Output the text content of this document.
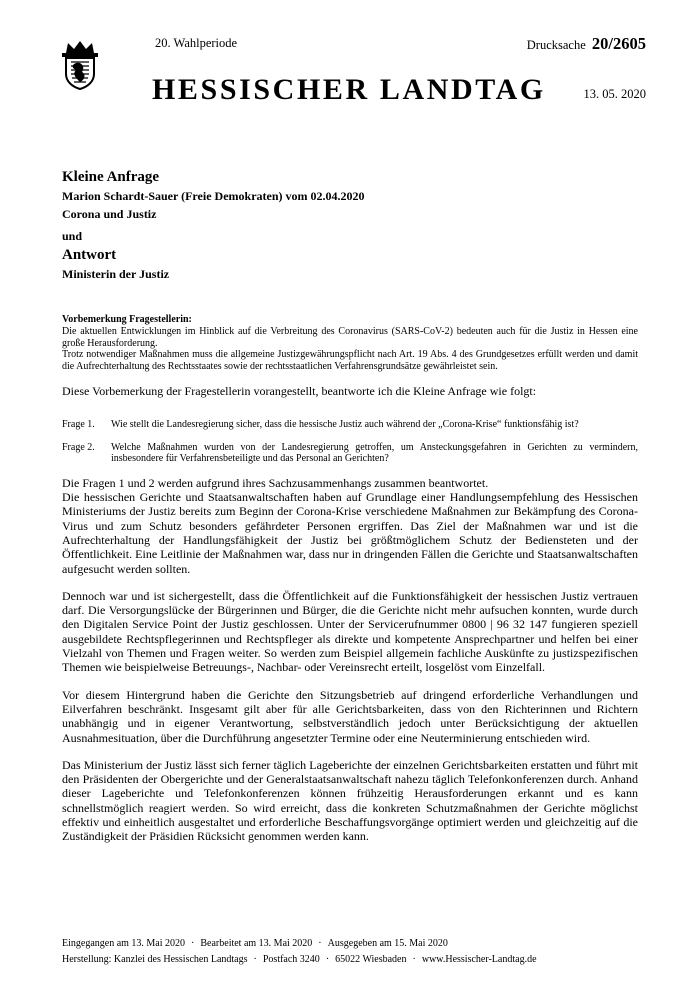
20. Wahlperiode	Drucksache 20/2605
HESSISCHER LANDTAG	13. 05. 2020
Kleine Anfrage
Marion Schardt-Sauer (Freie Demokraten) vom 02.04.2020
Corona und Justiz
und
Antwort
Ministerin der Justiz
Vorbemerkung Fragestellerin:

Die aktuellen Entwicklungen im Hinblick auf die Verbreitung des Coronavirus (SARS-CoV-2) bedeuten auch für die Justiz in Hessen eine große Herausforderung.

Trotz notwendiger Maßnahmen muss die allgemeine Justizgewährungspflicht nach Art. 19 Abs. 4 des Grundgesetzes erfüllt werden und damit die Aufrechterhaltung des Rechtsstaates sowie der rechtsstaatlichen Verfahrensgrundsätze gewährleistet sein.

Diese Vorbemerkung der Fragestellerin vorangestellt, beantworte ich die Kleine Anfrage wie folgt:

Frage 1.	Wie stellt die Landesregierung sicher, dass die hessische Justiz auch während der „Corona-Krise“ funktionsfähig ist?
Frage 2.	Welche Maßnahmen wurden von der Landesregierung getroffen, um Ansteckungsgefahren in Gerichten zu vermindern, insbesondere für Verfahrensbeteiligte und das Personal an Gerichten?

Die Fragen 1 und 2 werden aufgrund ihres Sachzusammenhangs zusammen beantwortet.

Die hessischen Gerichte und Staatsanwaltschaften haben auf Grundlage einer Handlungsempfehlung des Hessischen Ministeriums der Justiz bereits zum Beginn der Corona-Krise verschiedene Maßnahmen zur Bekämpfung des Corona-Virus und zum Schutz besonders gefährdeter Personen ergriffen. Das Ziel der Maßnahmen war und ist die Aufrechterhaltung der Handlungsfähigkeit der Justiz bei größtmöglichem Schutz der Bediensteten und der Öffentlichkeit. Eine Leitlinie der Maßnahmen war, dass nur in dringenden Fällen die Gerichte und Staatsanwaltschaften aufgesucht werden sollten.

Dennoch war und ist sichergestellt, dass die Öffentlichkeit auf die Funktionsfähigkeit der hessischen Justiz vertrauen darf. Die Versorgungslücke der Bürgerinnen und Bürger, die die Gerichte nicht mehr aufsuchen konnten, wurde durch den Digitalen Service Point der Justiz geschlossen. Unter der Servicerufnummer 0800 | 96 32 147 fungieren speziell ausgebildete Rechtspflegerinnen und Rechtspfleger als direkte und kompetente Ansprechpartner und helfen bei einer Vielzahl von Themen und Fragen weiter. So werden zum Beispiel allgemein fachliche Auskünfte zu justizspezifischen Themen wie beispielweise Betreuungs-, Nachbar- oder Vereinsrecht erteilt, losgelöst vom Einzelfall.

Vor diesem Hintergrund haben die Gerichte den Sitzungsbetrieb auf dringend erforderliche Verhandlungen und Eilverfahren beschränkt. Insgesamt gilt aber für alle Gerichtsbarkeiten, dass von den Richterinnen und Richtern unabhängig und in eigener Verantwortung, selbstverständlich jedoch unter Berücksichtigung der aktuellen Ausnahmesituation, über die Durchführung angesetzter Termine oder eine Neuterminierung entschieden wird.

Das Ministerium der Justiz lässt sich ferner täglich Lageberichte der einzelnen Gerichtsbarkeiten erstatten und führt mit den Präsidenten der Obergerichte und der Generalstaatsanwaltschaft nahezu täglich Telefonkonferenzen durch. Anhand dieser Lageberichte und Telefonkonferenzen können frühzeitig Herausforderungen erkannt und es kann schnellstmöglich reagiert werden. So wird erreicht, dass die konkreten Schutzmaßnahmen der Gerichte möglichst effektiv und einheitlich ausgestaltet und erforderliche Beschaffungsvorgänge optimiert werden und gleichzeitig auf die Zuständigkeit der Präsidien Rücksicht genommen werden kann.

Eingegangen am 13. Mai 2020 · Bearbeitet am 13. Mai 2020 · Ausgegeben am 15. Mai 2020
Herstellung: Kanzlei des Hessischen Landtags · Postfach 3240 · 65022 Wiesbaden · www.Hessischer-Landtag.de
